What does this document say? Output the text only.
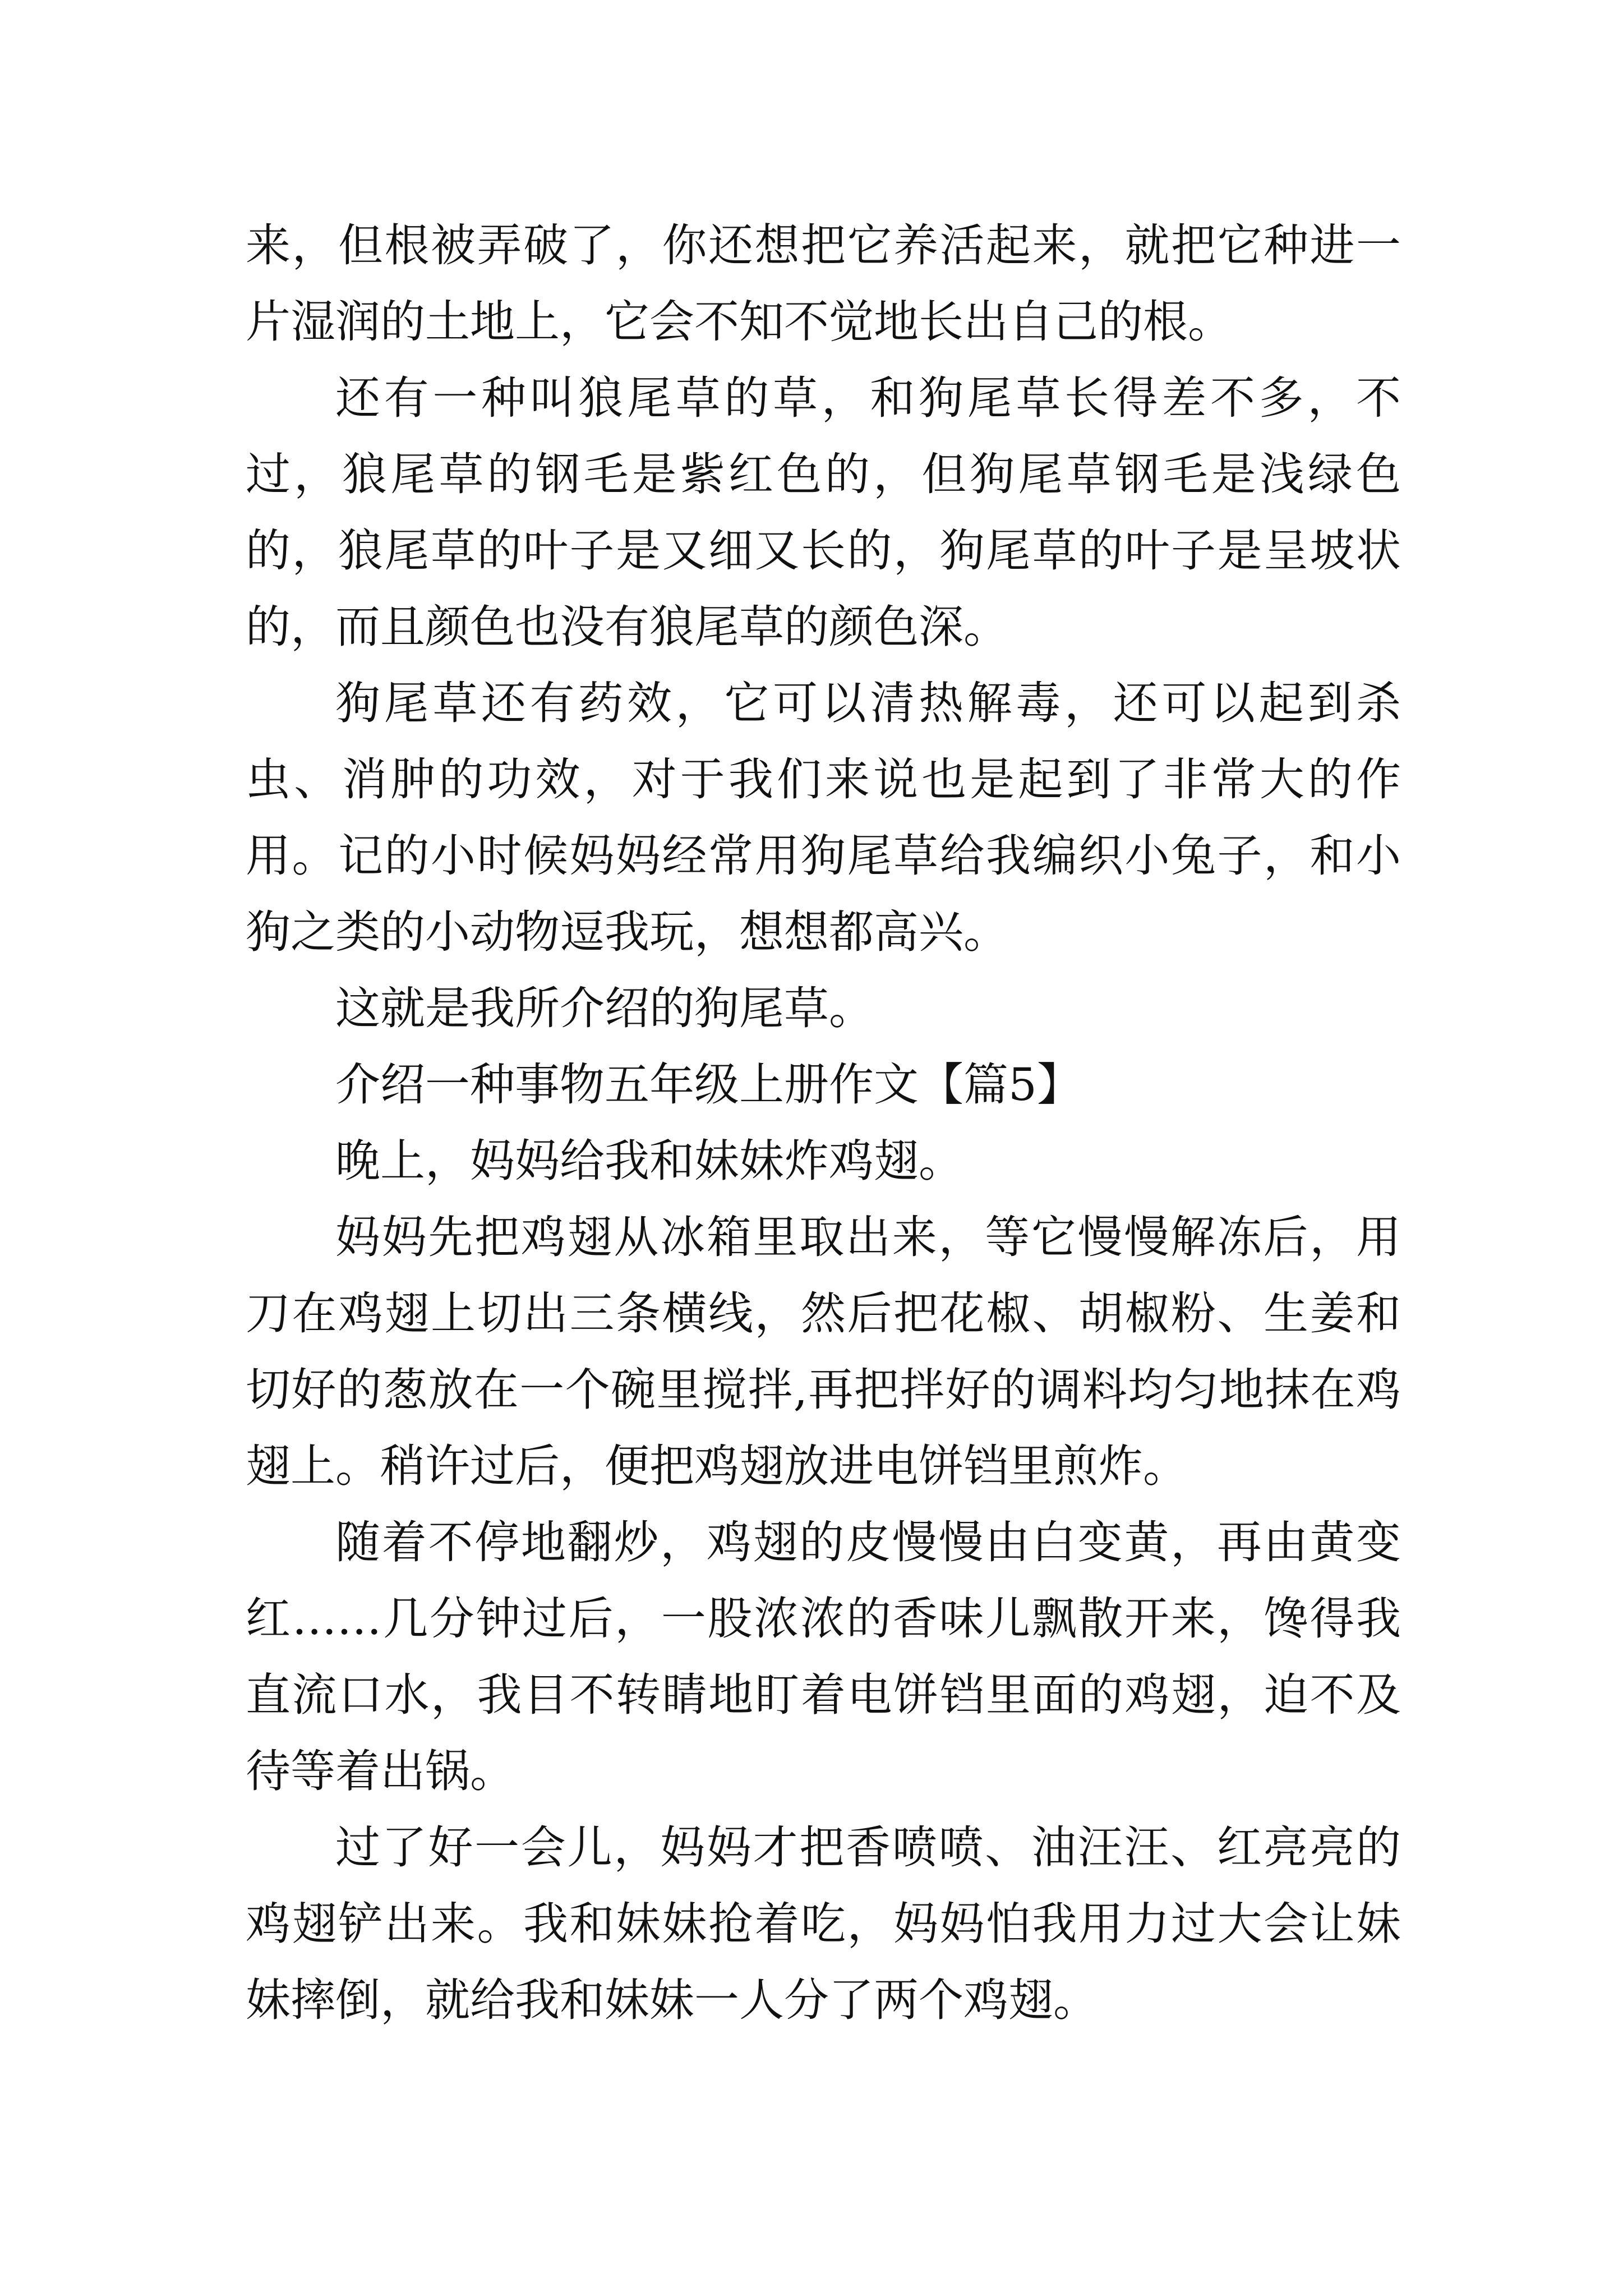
来，但根被弄破了，你还想把它养活起来，就把它种进一片湿润的土地上，它会不知不觉地长出自己的根。

还有一种叫狼尾草的草，和狗尾草长得差不多，不过，狼尾草的钢毛是紫红色的，但狗尾草钢毛是浅绿色的，狼尾草的叶子是又细又长的，狗尾草的叶子是呈坡状的，而且颜色也没有狼尾草的颜色深。

狗尾草还有药效，它可以清热解毒，还可以起到杀虫、消肿的功效，对于我们来说也是起到了非常大的作用。记的小时候妈妈经常用狗尾草给我编织小兔子，和小狗之类的小动物逗我玩，想想都高兴。

这就是我所介绍的狗尾草。

介绍一种事物五年级上册作文【篇5】

晚上，妈妈给我和妹妹炸鸡翅。

妈妈先把鸡翅从冰箱里取出来，等它慢慢解冻后，用刀在鸡翅上切出三条横线，然后把花椒、胡椒粉、生姜和切好的葱放在一个碗里搅拌,再把拌好的调料均匀地抹在鸡翅上。稍许过后，便把鸡翅放进电饼铛里煎炸。

随着不停地翻炒，鸡翅的皮慢慢由白变黄，再由黄变红……几分钟过后，一股浓浓的香味儿飘散开来，馋得我直流口水，我目不转睛地盯着电饼铛里面的鸡翅，迫不及待等着出锅。

过了好一会儿，妈妈才把香喷喷、油汪汪、红亮亮的鸡翅铲出来。我和妹妹抢着吃，妈妈怕我用力过大会让妹妹摔倒，就给我和妹妹一人分了两个鸡翅。
